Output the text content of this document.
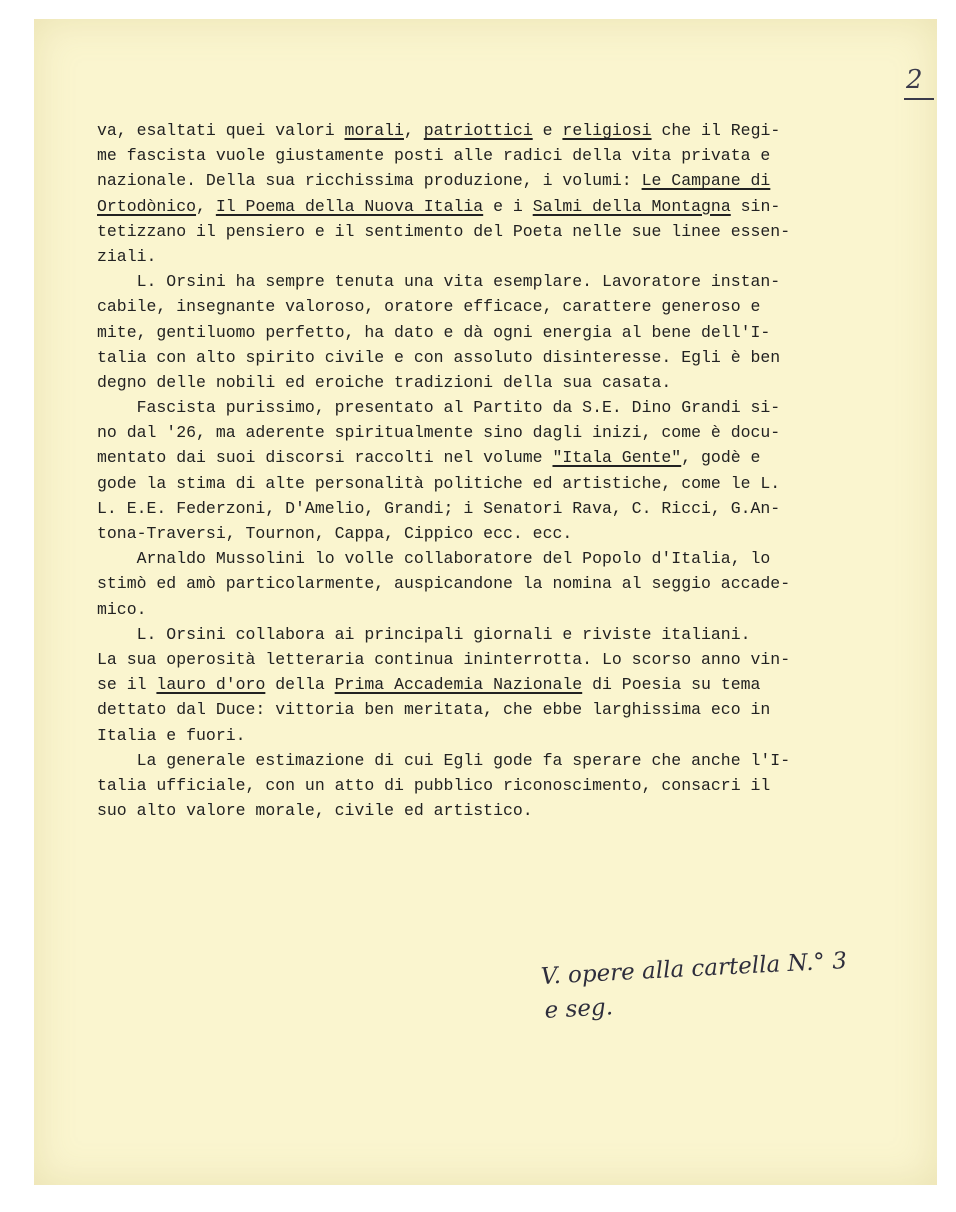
2
va, esaltati quei valori morali, patriottici e religiosi che il Regi-
me fascista vuole giustamente posti alle radici della vita privata e
nazionale. Della sua ricchissima produzione, i volumi: Le Campane di
Ortodònico, Il Poema della Nuova Italia e i Salmi della Montagna sin-
tetizzano il pensiero e il sentimento del Poeta nelle sue linee essen-
ziali.
L. Orsini ha sempre tenuta una vita esemplare. Lavoratore instan-
cabile, insegnante valoroso, oratore efficace, carattere generoso e
mite, gentiluomo perfetto, ha dato e dà ogni energia al bene dell'I-
talia con alto spirito civile e con assoluto disinteresse. Egli è ben
degno delle nobili ed eroiche tradizioni della sua casata.
Fascista purissimo, presentato al Partito da S.E. Dino Grandi si-
no dal '26, ma aderente spiritualmente sino dagli inizi, come è docu-
mentato dai suoi discorsi raccolti nel volume "Itala Gente", godè e
gode la stima di alte personalità politiche ed artistiche, come le L.
L. E.E. Federzoni, D'Amelio, Grandi; i Senatori Rava, C. Ricci, G.An-
tona-Traversi, Tournon, Cappa, Cippico ecc. ecc.
Arnaldo Mussolini lo volle collaboratore del Popolo d'Italia, lo
stimò ed amò particolarmente, auspicandone la nomina al seggio accade-
mico.
L. Orsini collabora ai principali giornali e riviste italiani.
La sua operosità letteraria continua ininterrotta. Lo scorso anno vin-
se il lauro d'oro della Prima Accademia Nazionale di Poesia su tema
dettato dal Duce: vittoria ben meritata, che ebbe larghissima eco in
Italia e fuori.
La generale estimazione di cui Egli gode fa sperare che anche l'I-
talia ufficiale, con un atto di pubblico riconoscimento, consacri il
suo alto valore morale, civile ed artistico.
V. opere alla cartella N.° 3
e seg.
